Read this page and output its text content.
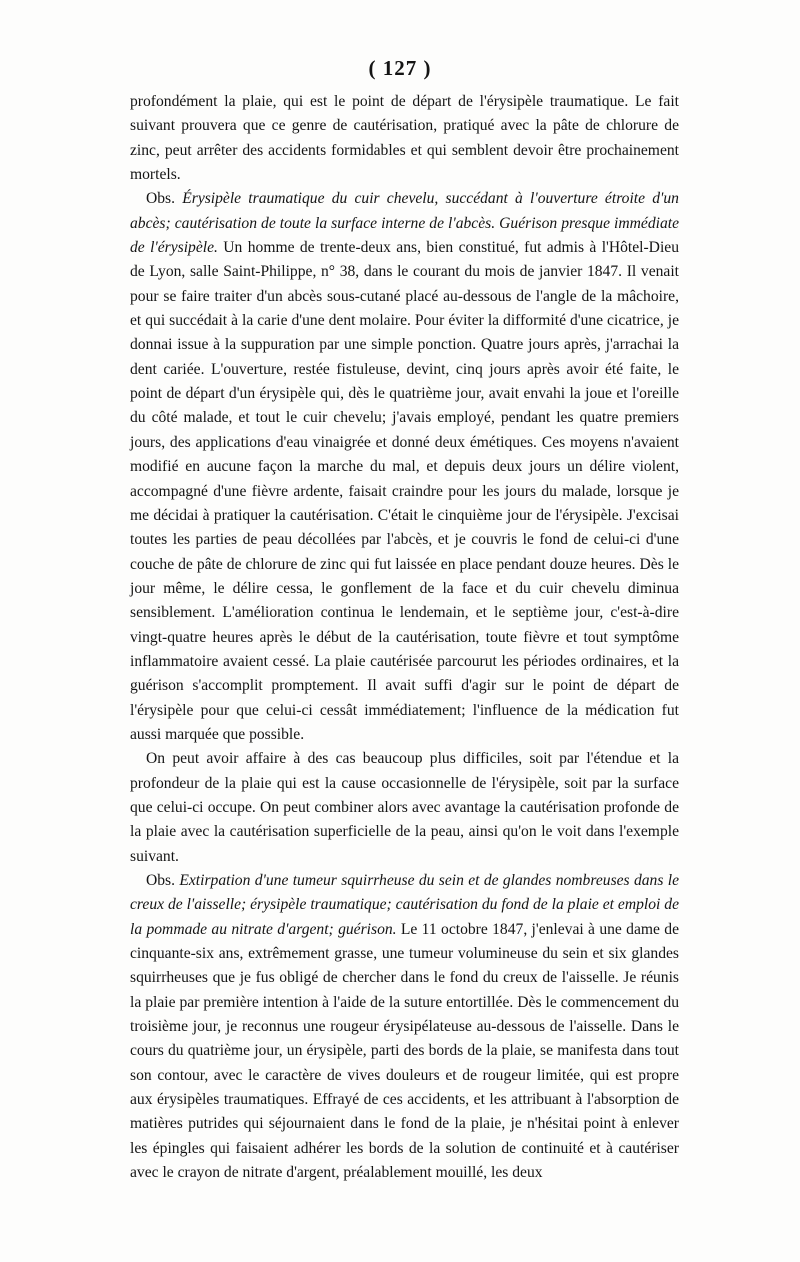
( 127 )

profondément la plaie, qui est le point de départ de l'érysipèle traumatique. Le fait suivant prouvera que ce genre de cautérisation, pratiqué avec la pâte de chlorure de zinc, peut arrêter des accidents formidables et qui semblent devoir être prochainement mortels.

Obs. Érysipèle traumatique du cuir chevelu, succédant à l'ouverture étroite d'un abcès; cautérisation de toute la surface interne de l'abcès. Guérison presque immédiate de l'érysipèle. Un homme de trente-deux ans, bien constitué, fut admis à l'Hôtel-Dieu de Lyon, salle Saint-Philippe, n° 38, dans le courant du mois de janvier 1847. Il venait pour se faire traiter d'un abcès sous-cutané placé au-dessous de l'angle de la mâchoire, et qui succédait à la carie d'une dent molaire. Pour éviter la difformité d'une cicatrice, je donnai issue à la suppuration par une simple ponction. Quatre jours après, j'arrachai la dent cariée. L'ouverture, restée fistuleuse, devint, cinq jours après avoir été faite, le point de départ d'un érysipèle qui, dès le quatrième jour, avait envahi la joue et l'oreille du côté malade, et tout le cuir chevelu; j'avais employé, pendant les quatre premiers jours, des applications d'eau vinaigrée et donné deux émétiques. Ces moyens n'avaient modifié en aucune façon la marche du mal, et depuis deux jours un délire violent, accompagné d'une fièvre ardente, faisait craindre pour les jours du malade, lorsque je me décidai à pratiquer la cautérisation. C'était le cinquième jour de l'érysipèle. J'excisai toutes les parties de peau décollées par l'abcès, et je couvris le fond de celui-ci d'une couche de pâte de chlorure de zinc qui fut laissée en place pendant douze heures. Dès le jour même, le délire cessa, le gonflement de la face et du cuir chevelu diminua sensiblement. L'amélioration continua le lendemain, et le septième jour, c'est-à-dire vingt-quatre heures après le début de la cautérisation, toute fièvre et tout symptôme inflammatoire avaient cessé. La plaie cautérisée parcourut les périodes ordinaires, et la guérison s'accomplit promptement. Il avait suffi d'agir sur le point de départ de l'érysipèle pour que celui-ci cessât immédiatement; l'influence de la médication fut aussi marquée que possible.

On peut avoir affaire à des cas beaucoup plus difficiles, soit par l'étendue et la profondeur de la plaie qui est la cause occasionnelle de l'érysipèle, soit par la surface que celui-ci occupe. On peut combiner alors avec avantage la cautérisation profonde de la plaie avec la cautérisation superficielle de la peau, ainsi qu'on le voit dans l'exemple suivant.

Obs. Extirpation d'une tumeur squirrheuse du sein et de glandes nombreuses dans le creux de l'aisselle; érysipèle traumatique; cautérisation du fond de la plaie et emploi de la pommade au nitrate d'argent; guérison. Le 11 octobre 1847, j'enlevai à une dame de cinquante-six ans, extrêmement grasse, une tumeur volumineuse du sein et six glandes squirrheuses que je fus obligé de chercher dans le fond du creux de l'aisselle. Je réunis la plaie par première intention à l'aide de la suture entortillée. Dès le commencement du troisième jour, je reconnus une rougeur érysipélateuse au-dessous de l'aisselle. Dans le cours du quatrième jour, un érysipèle, parti des bords de la plaie, se manifesta dans tout son contour, avec le caractère de vives douleurs et de rougeur limitée, qui est propre aux érysipèles traumatiques. Effrayé de ces accidents, et les attribuant à l'absorption de matières putrides qui séjournaient dans le fond de la plaie, je n'hésitai point à enlever les épingles qui faisaient adhérer les bords de la solution de continuité et à cautériser avec le crayon de nitrate d'argent, préalablement mouillé, les deux
